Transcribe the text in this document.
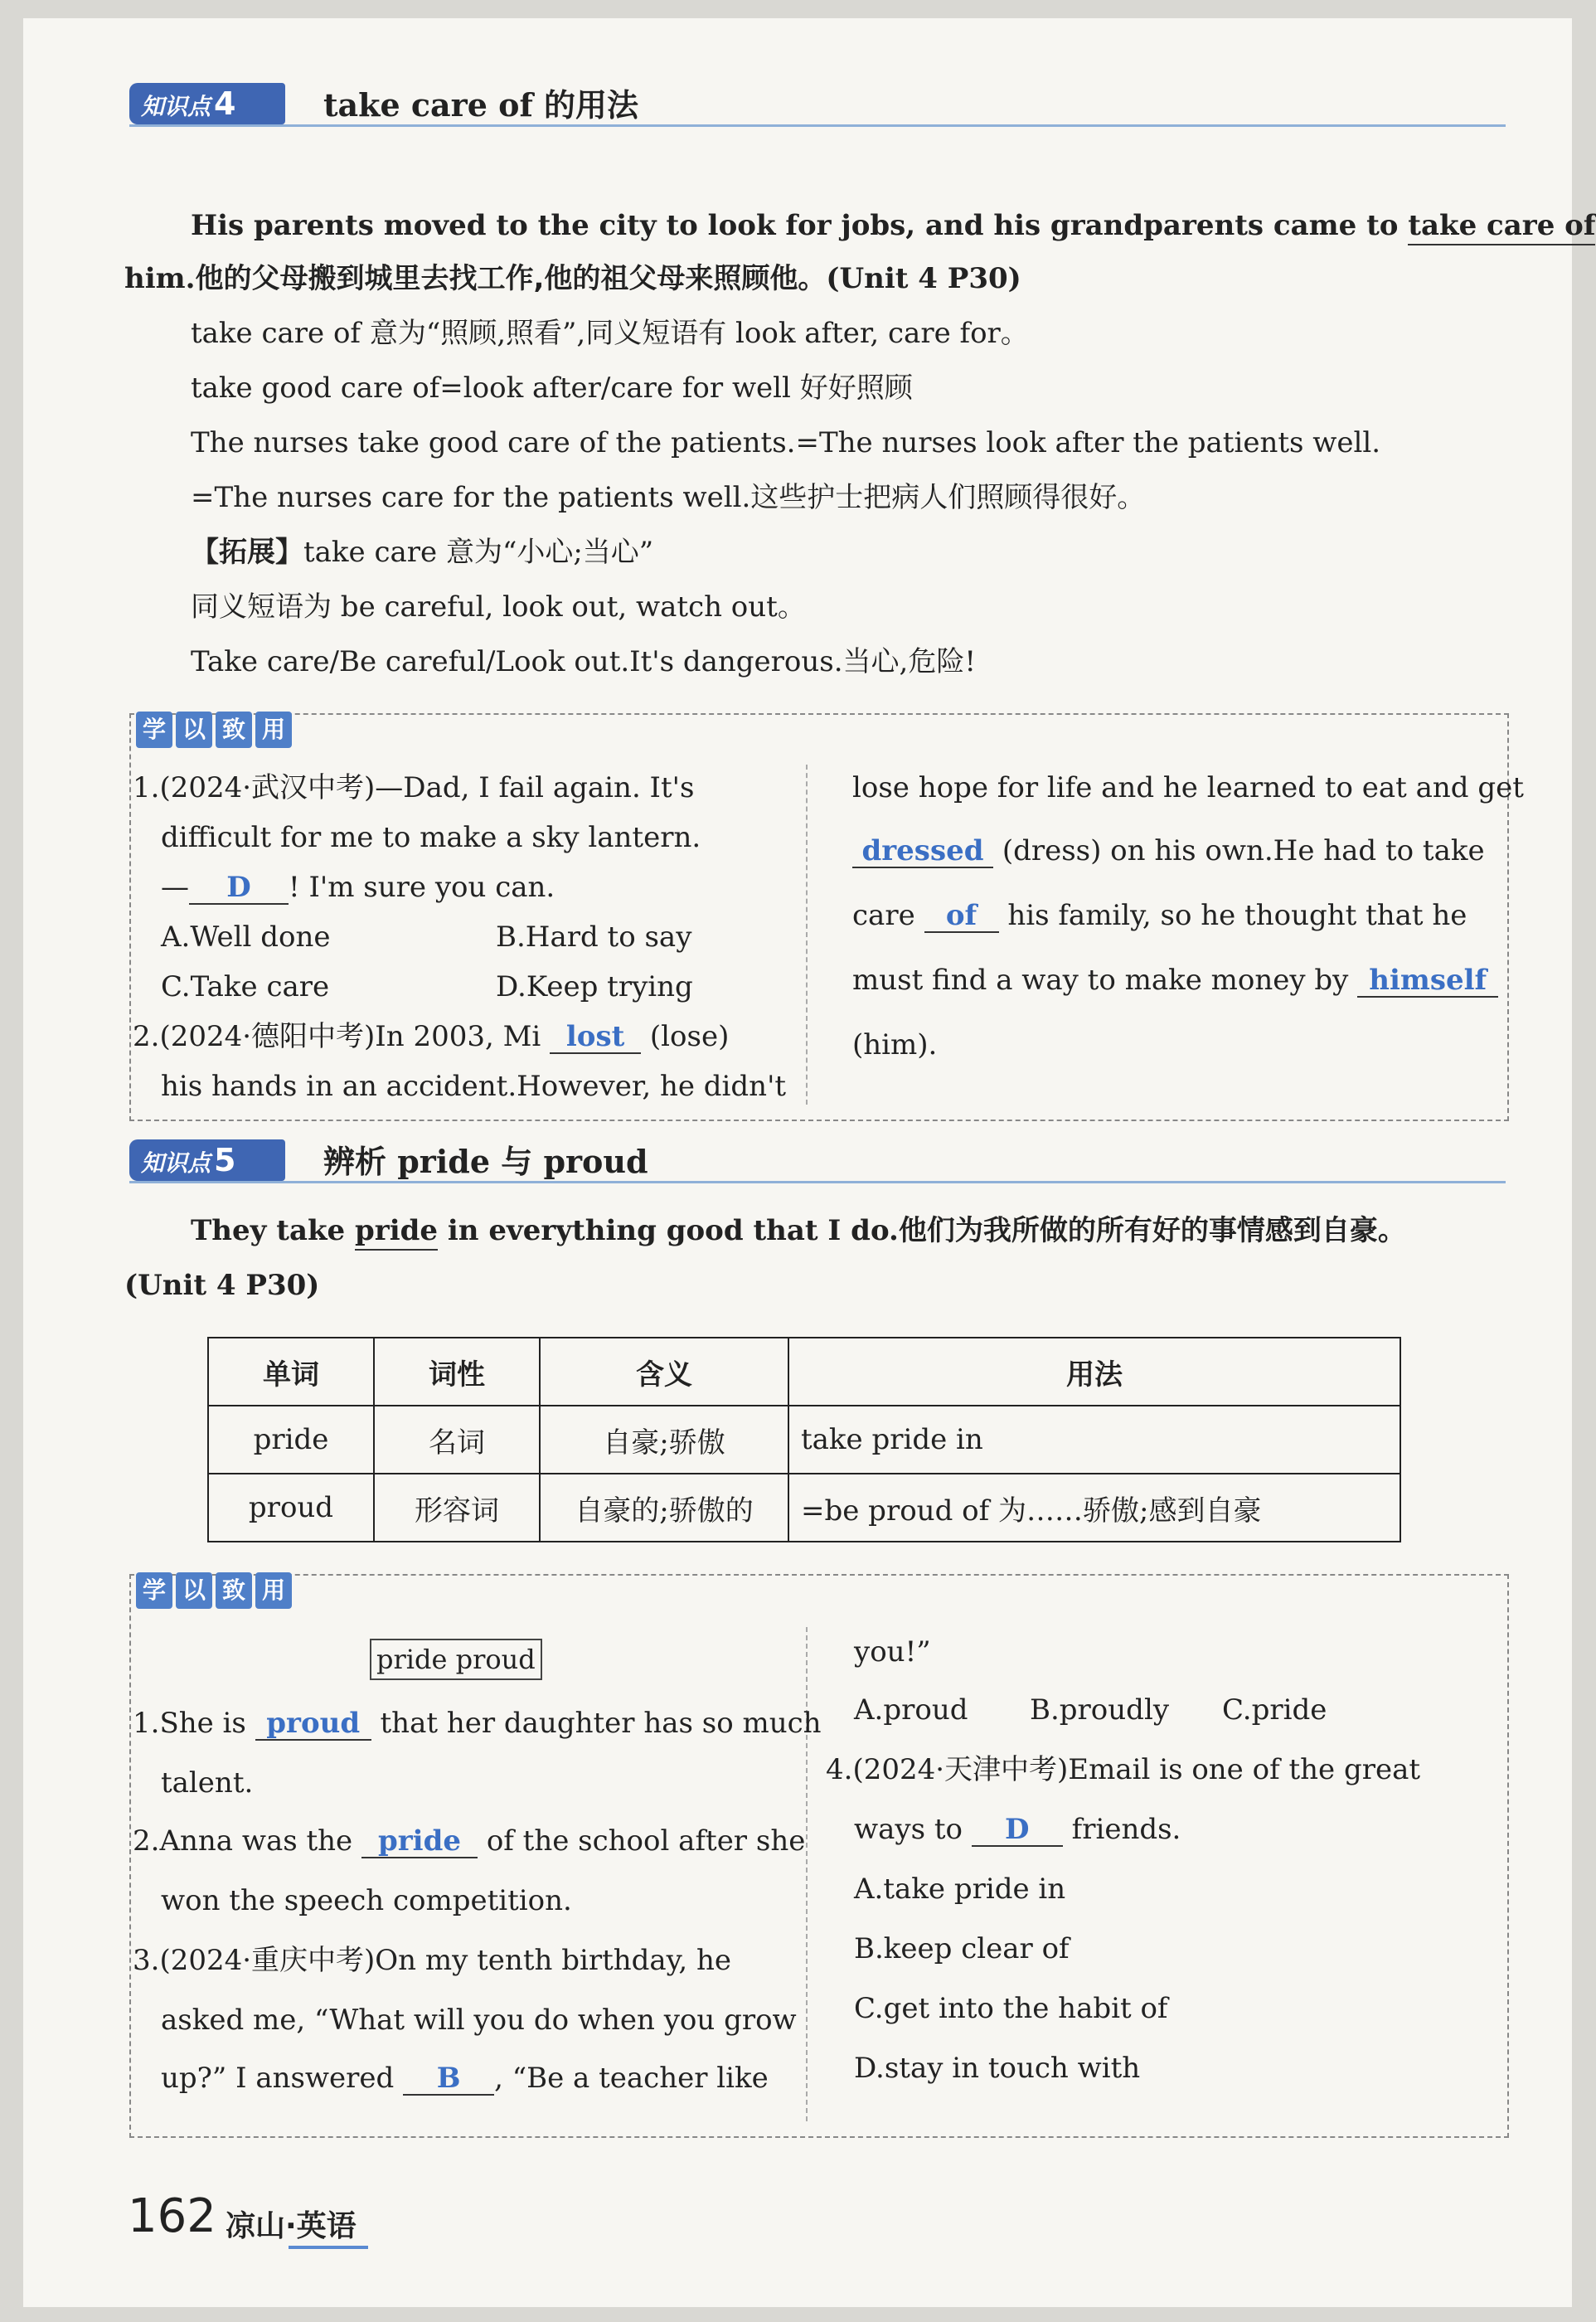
知识点 4	take care of 的用法
His parents moved to the city to look for jobs, and his grandparents came to take care of
him.他的父母搬到城里去找工作,他的祖父母来照顾他。(Unit 4 P30)
take care of 意为“照顾,照看”,同义短语有 look after, care for。
take good care of=look after/care for well 好好照顾
The nurses take good care of the patients.=The nurses look after the patients well.
=The nurses care for the patients well.这些护士把病人们照顾得很好。
【拓展】take care 意为“小心;当心”
同义短语为 be careful, look out, watch out。
Take care/Be careful/Look out.It's dangerous.当心,危险!
学 以 致 用
1.(2024·武汉中考)—Dad, I fail again. It's
difficult for me to make a sky lantern.
— D ! I'm sure you can.
A.Well done	B.Hard to say
C.Take care	D.Keep trying
2.(2024·德阳中考)In 2003, Mi lost (lose)
his hands in an accident.However, he didn't
lose hope for life and he learned to eat and get
dressed (dress) on his own.He had to take
care of his family, so he thought that he
must find a way to make money by himself
(him).
知识点 5	辨析 pride 与 proud
They take pride in everything good that I do.他们为我所做的所有好的事情感到自豪。
(Unit 4 P30)
单词	词性	含义	用法
pride	名词	自豪;骄傲	take pride in
proud	形容词	自豪的;骄傲的	=be proud of 为……骄傲;感到自豪
学 以 致 用
pride proud
1.She is proud that her daughter has so much
talent.
2.Anna was the pride of the school after she
won the speech competition.
3.(2024·重庆中考)On my tenth birthday, he
asked me, “What will you do when you grow
up?” I answered B , “Be a teacher like
you!”
A.proud B.proudly C.pride
4.(2024·天津中考)Email is one of the great
ways to D friends.
A.take pride in
B.keep clear of
C.get into the habit of
D.stay in touch with
162 凉山·英语
